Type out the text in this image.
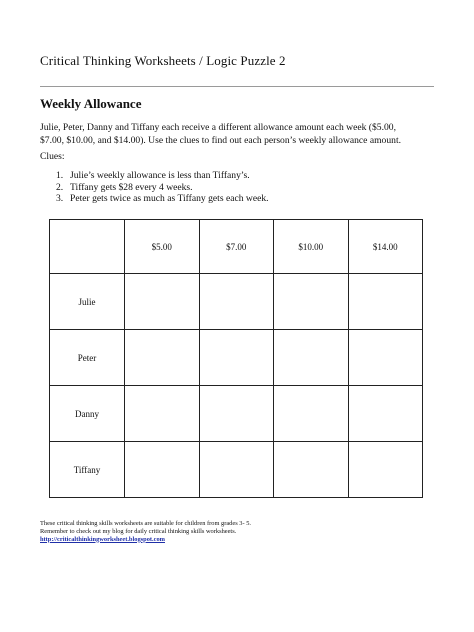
Critical Thinking Worksheets / Logic Puzzle 2
Weekly Allowance
Julie, Peter, Danny and Tiffany each receive a different allowance amount each week ($5.00,
$7.00, $10.00, and $14.00). Use the clues to find out each person’s weekly allowance amount.
Clues:
1. Julie’s weekly allowance is less than Tiffany’s.
2. Tiffany gets $28 every 4 weeks.
3. Peter gets twice as much as Tiffany gets each week.
	$5.00	$7.00	$10.00	$14.00
Julie				
Peter				
Danny				
Tiffany				
These critical thinking skills worksheets are suitable for children from grades 3- 5.
Remember to check out my blog for daily critical thinking skills worksheets.
http://criticalthinkingworksheet.blogspot.com
